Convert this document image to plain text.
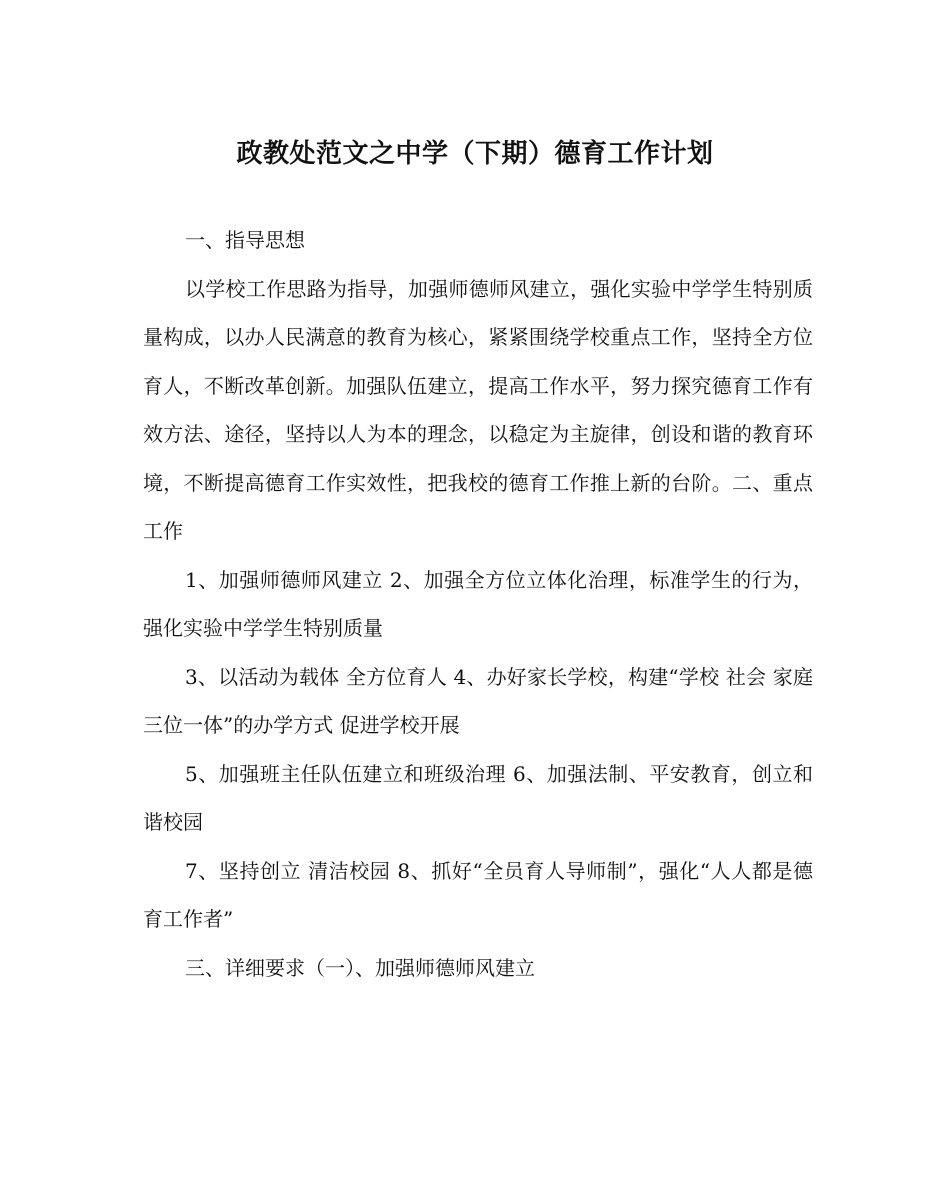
政教处范文之中学（下期）德育工作计划

一、指导思想

以学校工作思路为指导，加强师德师风建立，强化实验中学学生特别质量构成，以办人民满意的教育为核心，紧紧围绕学校重点工作，坚持全方位育人，不断改革创新。加强队伍建立，提高工作水平，努力探究德育工作有效方法、途径，坚持以人为本的理念，以稳定为主旋律，创设和谐的教育环境，不断提高德育工作实效性，把我校的德育工作推上新的台阶。二、重点工作

1、加强师德师风建立 2、加强全方位立体化治理，标准学生的行为，强化实验中学学生特别质量

3、以活动为载体 全方位育人 4、办好家长学校，构建“学校 社会 家庭三位一体”的办学方式 促进学校开展

5、加强班主任队伍建立和班级治理 6、加强法制、平安教育，创立和谐校园

7、坚持创立 清洁校园 8、抓好“全员育人导师制”，强化“人人都是德育工作者”

三、详细要求（一）、加强师德师风建立
